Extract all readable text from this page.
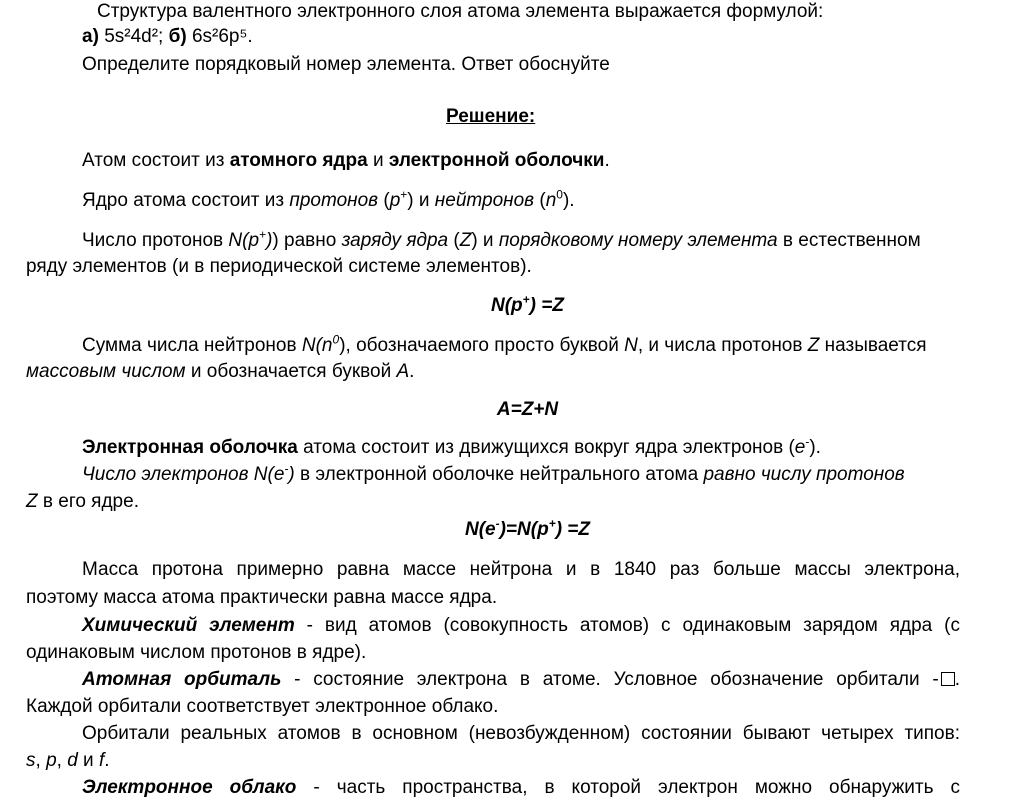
Структура валентного электронного слоя атома элемента выражается формулой:
а) 5s²4d²; б) 6s²6p⁵.
Определите порядковый номер элемента. Ответ обоснуйте
Решение:
Атом состоит из атомного ядра и электронной оболочки.
Ядро атома состоит из протонов (p+) и нейтронов $(n^0)$.
Число протонов N(p+)) равно заряду ядра (Z) и порядковому номеру элемента в естественном
ряду элементов (и в периодической системе элементов).
N(p+) =Z
Сумма числа нейтронов $N(n^0)$, обозначаемого просто буквой N, и числа протонов Z называется
массовым числом и обозначается буквой A.
A=Z+N
Электронная оболочка атома состоит из движущихся вокруг ядра электронов (e-).
Число электронов N(e-) в электронной оболочке нейтрального атома равно числу протонов
Z в его ядре.
N(e-)=N(p+) =Z
Масса протона примерно равна массе нейтрона и в 1840 раз больше массы электрона,
поэтому масса атома практически равна массе ядра.
Химический элемент - вид атомов (совокупность атомов) с одинаковым зарядом ядра (с
одинаковым числом протонов в ядре).
Атомная орбиталь - состояние электрона в атоме. Условное обозначение орбитали - .
Каждой орбитали соответствует электронное облако.
Орбитали реальных атомов в основном (невозбужденном) состоянии бывают четырех типов:
s, p, d и f.
Электронное облако - часть пространства, в которой электрон можно обнаружить с
